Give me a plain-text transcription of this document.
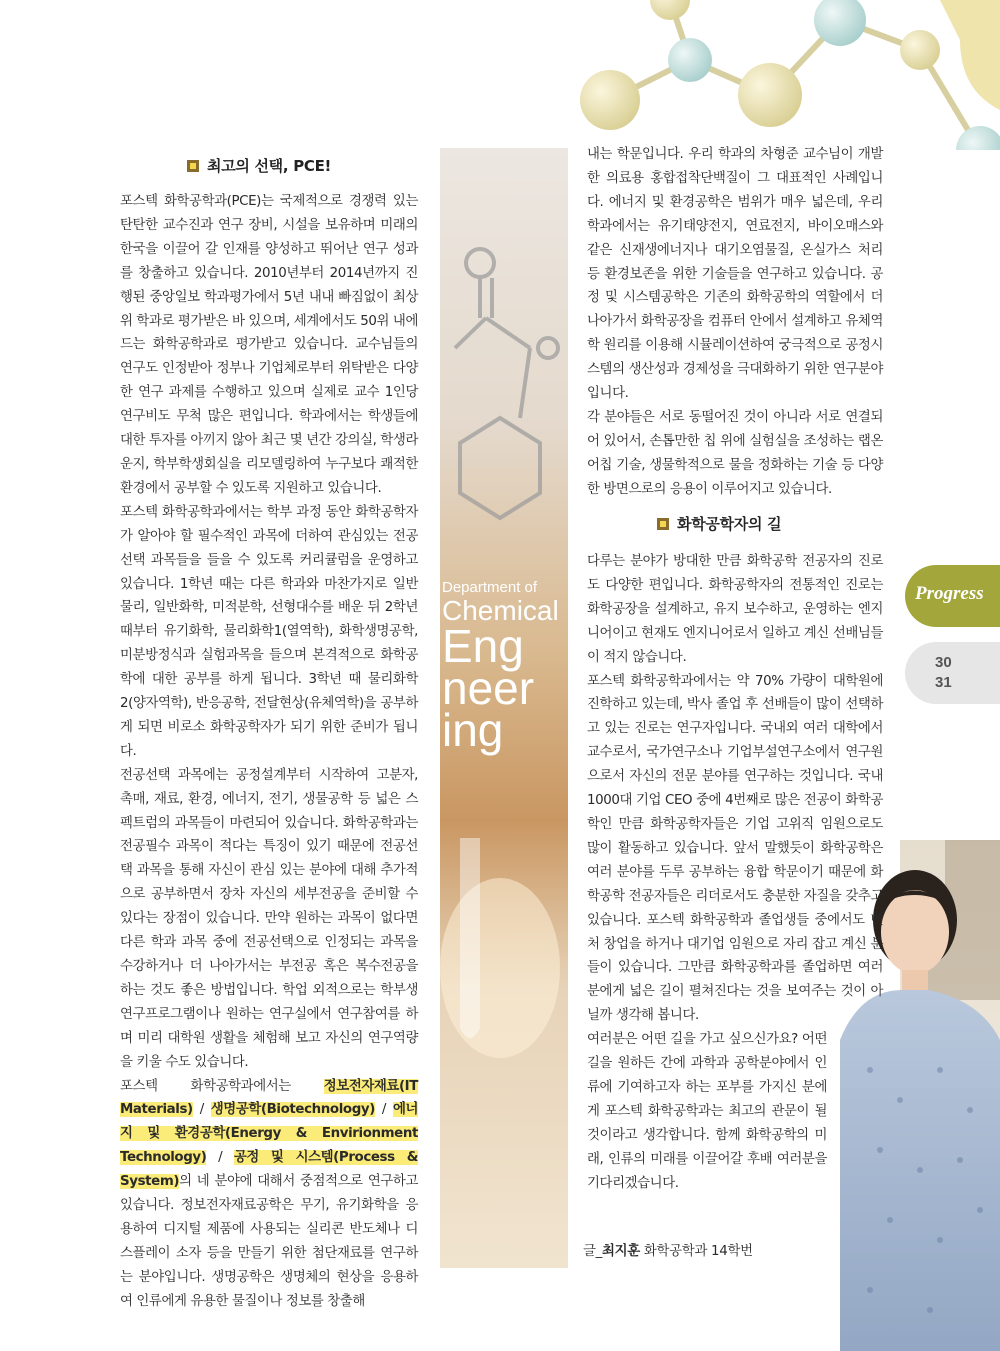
Department of
Chemical
Eng
neer
ing
최고의 선택, PCE!

포스텍 화학공학과(PCE)는 국제적으로 경쟁력 있는 탄탄한 교수진과 연구 장비, 시설을 보유하며 미래의 한국을 이끌어 갈 인재를 양성하고 뛰어난 연구 성과를 창출하고 있습니다. 2010년부터 2014년까지 진행된 중앙일보 학과평가에서 5년 내내 빠짐없이 최상위 학과로 평가받은 바 있으며, 세계에서도 50위 내에 드는 화학공학과로 평가받고 있습니다. 교수님들의 연구도 인정받아 정부나 기업체로부터 위탁받은 다양한 연구 과제를 수행하고 있으며 실제로 교수 1인당 연구비도 무척 많은 편입니다. 학과에서는 학생들에 대한 투자를 아끼지 않아 최근 몇 년간 강의실, 학생라운지, 학부학생회실을 리모델링하여 누구보다 쾌적한 환경에서 공부할 수 있도록 지원하고 있습니다.

포스텍 화학공학과에서는 학부 과정 동안 화학공학자가 알아야 할 필수적인 과목에 더하여 관심있는 전공선택 과목들을 들을 수 있도록 커리큘럼을 운영하고 있습니다. 1학년 때는 다른 학과와 마찬가지로 일반물리, 일반화학, 미적분학, 선형대수를 배운 뒤 2학년 때부터 유기화학, 물리화학1(열역학), 화학생명공학, 미분방정식과 실험과목을 들으며 본격적으로 화학공학에 대한 공부를 하게 됩니다. 3학년 때 물리화학2(양자역학), 반응공학, 전달현상(유체역학)을 공부하게 되면 비로소 화학공학자가 되기 위한 준비가 됩니다.

전공선택 과목에는 공정설계부터 시작하여 고분자, 촉매, 재료, 환경, 에너지, 전기, 생물공학 등 넓은 스펙트럼의 과목들이 마련되어 있습니다. 화학공학과는 전공필수 과목이 적다는 특징이 있기 때문에 전공선택 과목을 통해 자신이 관심 있는 분야에 대해 추가적으로 공부하면서 장차 자신의 세부전공을 준비할 수 있다는 장점이 있습니다. 만약 원하는 과목이 없다면 다른 학과 과목 중에 전공선택으로 인정되는 과목을 수강하거나 더 나아가서는 부전공 혹은 복수전공을 하는 것도 좋은 방법입니다. 학업 외적으로는 학부생 연구프로그램이나 원하는 연구실에서 연구참여를 하며 미리 대학원 생활을 체험해 보고 자신의 연구역량을 키울 수도 있습니다.

포스텍 화학공학과에서는 정보전자재료(IT Materials) / 생명공학(Biotechnology) / 에너지 및 환경공학(Energy & Envirionment Technology) / 공정 및 시스템(Process & System)의 네 분야에 대해서 중점적으로 연구하고 있습니다. 정보전자재료공학은 무기, 유기화학을 응용하여 디지털 제품에 사용되는 실리콘 반도체나 디스플레이 소자 등을 만들기 위한 첨단재료를 연구하는 분야입니다. 생명공학은 생명체의 현상을 응용하여 인류에게 유용한 물질이나 정보를 창출해

내는 학문입니다. 우리 학과의 차형준 교수님이 개발한 의료용 홍합접착단백질이 그 대표적인 사례입니다. 에너지 및 환경공학은 범위가 매우 넓은데, 우리 학과에서는 유기태양전지, 연료전지, 바이오매스와 같은 신재생에너지나 대기오염물질, 온실가스 처리 등 환경보존을 위한 기술들을 연구하고 있습니다. 공정 및 시스템공학은 기존의 화학공학의 역할에서 더 나아가서 화학공장을 컴퓨터 안에서 설계하고 유체역학 원리를 이용해 시뮬레이션하여 궁극적으로 공정시스템의 생산성과 경제성을 극대화하기 위한 연구분야입니다.

각 분야들은 서로 동떨어진 것이 아니라 서로 연결되어 있어서, 손톱만한 칩 위에 실험실을 조성하는 랩온어칩 기술, 생물학적으로 물을 정화하는 기술 등 다양한 방면으로의 응용이 이루어지고 있습니다.

화학공학자의 길

다루는 분야가 방대한 만큼 화학공학 전공자의 진로도 다양한 편입니다. 화학공학자의 전통적인 진로는 화학공장을 설계하고, 유지 보수하고, 운영하는 엔지니어이고 현재도 엔지니어로서 일하고 계신 선배님들이 적지 않습니다.

포스텍 화학공학과에서는 약 70% 가량이 대학원에 진학하고 있는데, 박사 졸업 후 선배들이 많이 선택하고 있는 진로는 연구자입니다. 국내외 여러 대학에서 교수로서, 국가연구소나 기업부설연구소에서 연구원으로서 자신의 전문 분야를 연구하는 것입니다. 국내 1000대 기업 CEO 중에 4번째로 많은 전공이 화학공학인 만큼 화학공학자들은 기업 고위직 임원으로도 많이 활동하고 있습니다. 앞서 말했듯이 화학공학은 여러 분야를 두루 공부하는 융합 학문이기 때문에 화학공학 전공자들은 리더로서도 충분한 자질을 갖추고 있습니다. 포스텍 화학공학과 졸업생들 중에서도 벤처 창업을 하거나 대기업 임원으로 자리 잡고 계신 분들이 있습니다. 그만큼 화학공학과를 졸업하면 여러분에게 넓은 길이 펼쳐진다는 것을 보여주는 것이 아닐까 생각해 봅니다.

여러분은 어떤 길을 가고 싶으신가요? 어떤 길을 원하든 간에 과학과 공학분야에서 인류에 기여하고자 하는 포부를 가지신 분에게 포스텍 화학공학과는 최고의 관문이 될 것이라고 생각합니다. 함께 화학공학의 미래, 인류의 미래를 이끌어갈 후배 여러분을 기다리겠습니다.

글_최지훈 화학공학과 14학번
Progress
30
31
